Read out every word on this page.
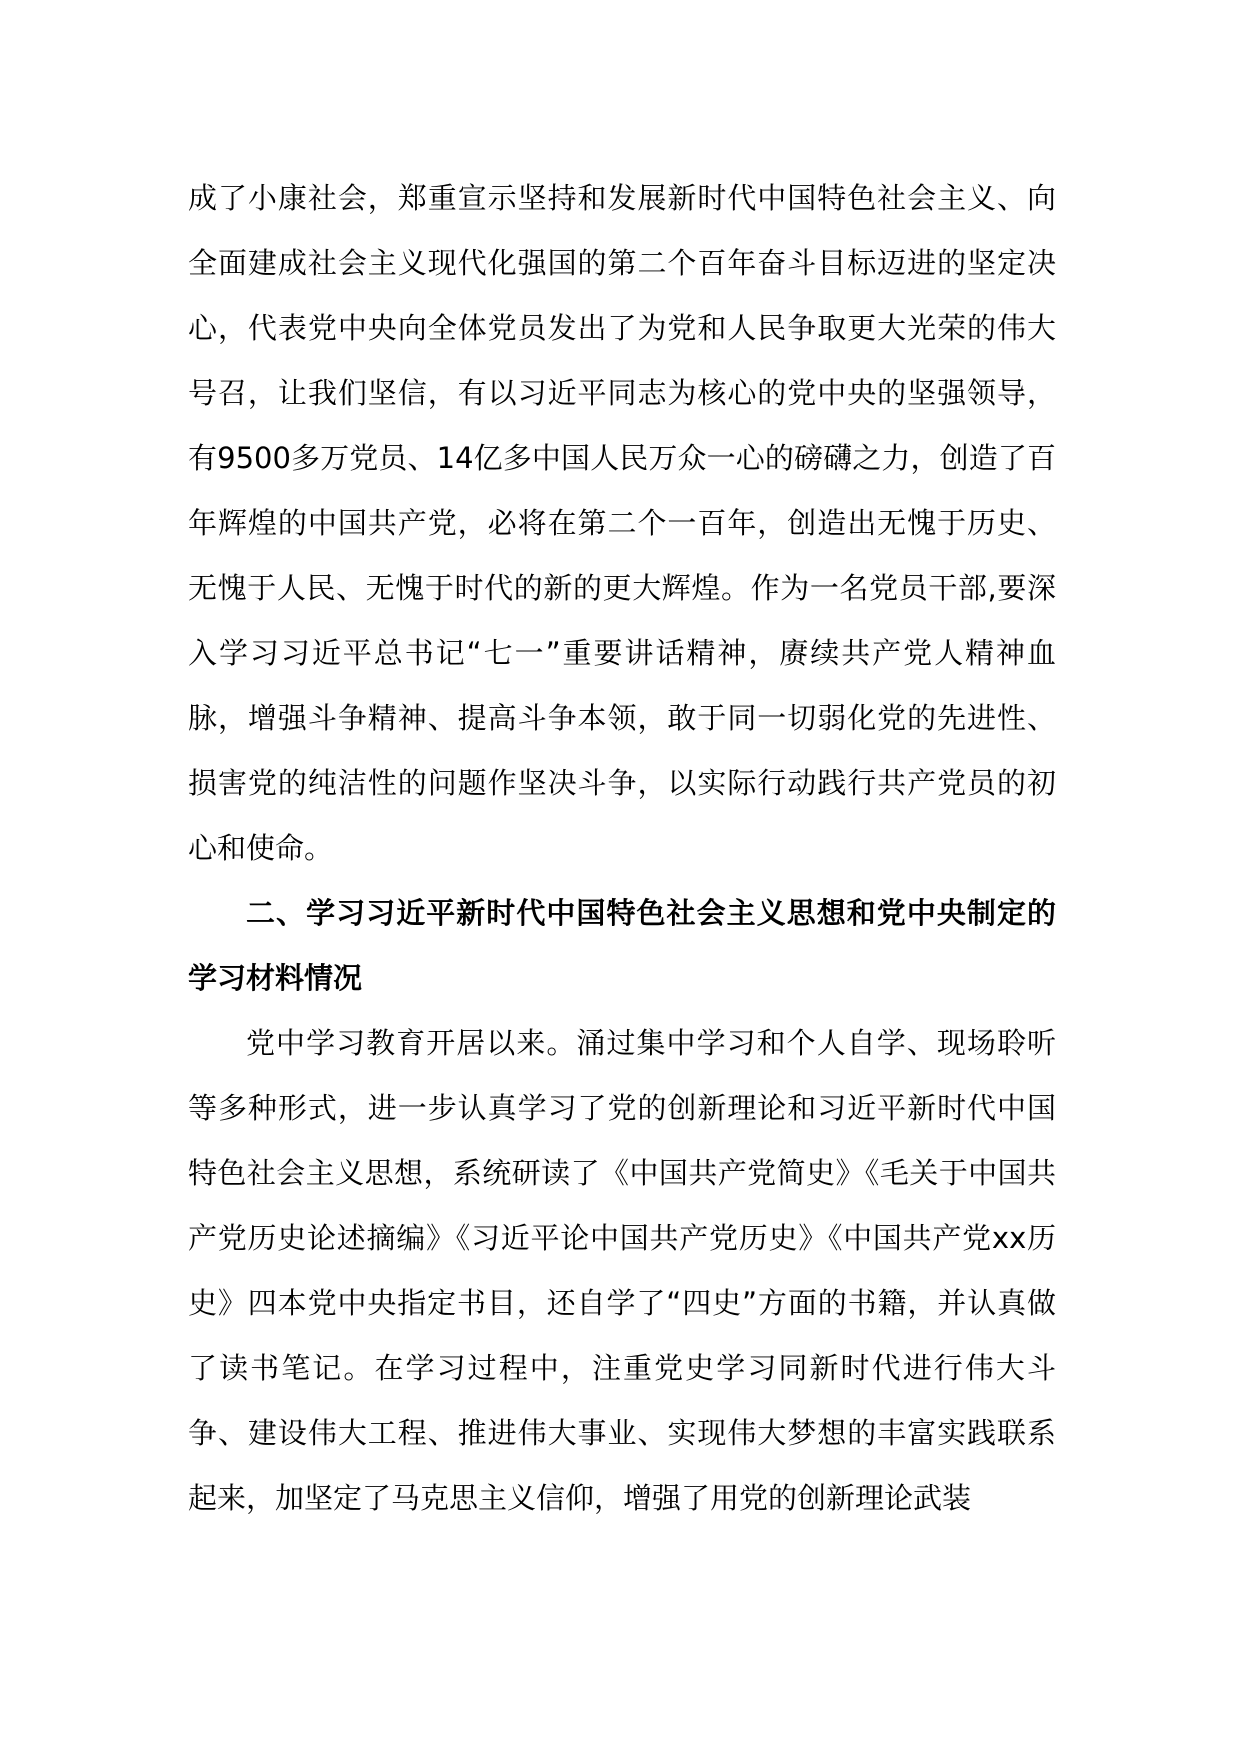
成了小康社会，郑重宣示坚持和发展新时代中国特色社会主义、向全面建成社会主义现代化强国的第二个百年奋斗目标迈进的坚定决心，代表党中央向全体党员发出了为党和人民争取更大光荣的伟大号召，让我们坚信，有以习近平同志为核心的党中央的坚强领导，有9500多万党员、14亿多中国人民万众一心的磅礴之力，创造了百年辉煌的中国共产党，必将在第二个一百年，创造出无愧于历史、无愧于人民、无愧于时代的新的更大辉煌。作为一名党员干部,要深入学习习近平总书记“七一”重要讲话精神，赓续共产党人精神血脉，增强斗争精神、提高斗争本领，敢于同一切弱化党的先进性、损害党的纯洁性的问题作坚决斗争，以实际行动践行共产党员的初心和使命。

二、学习习近平新时代中国特色社会主义思想和党中央制定的学习材料情况

党中学习教育开居以来。涌过集中学习和个人自学、现场聆听等多种形式，进一步认真学习了党的创新理论和习近平新时代中国特色社会主义思想，系统研读了《中国共产党简史》《毛关于中国共产党历史论述摘编》《习近平论中国共产党历史》《中国共产党xx历史》四本党中央指定书目，还自学了“四史”方面的书籍，并认真做了读书笔记。在学习过程中，注重党史学习同新时代进行伟大斗争、建设伟大工程、推进伟大事业、实现伟大梦想的丰富实践联系起来，加坚定了马克思主义信仰，增强了用党的创新理论武装
